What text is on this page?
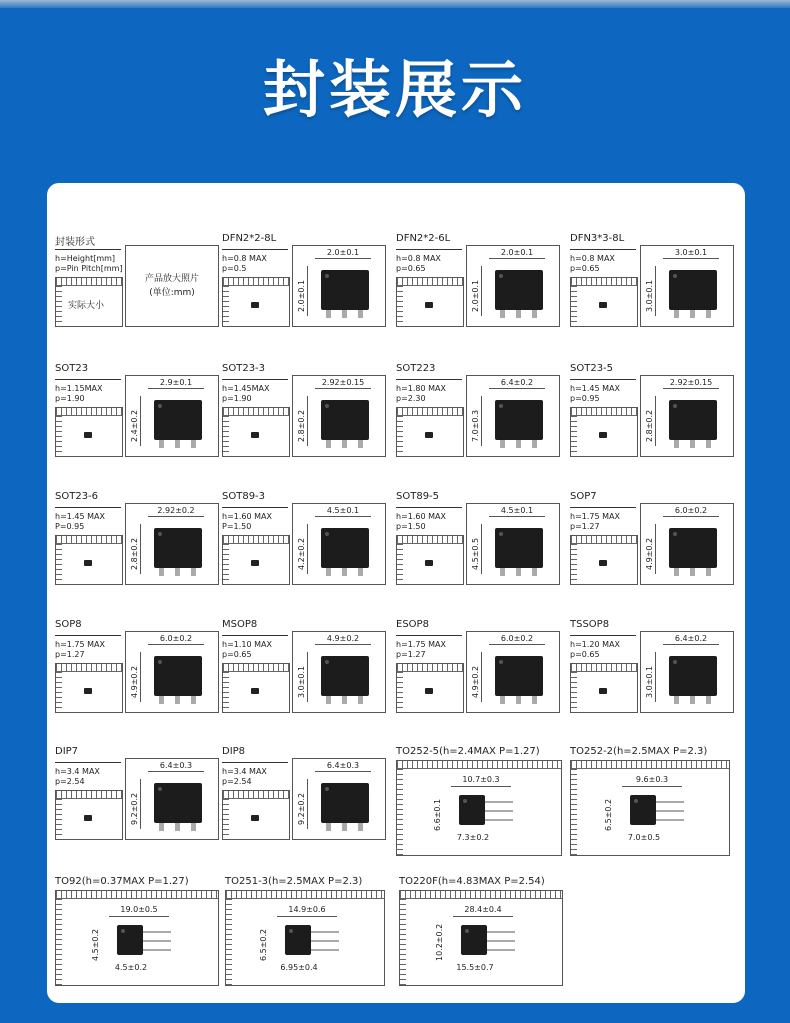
封装展示
封装形式
h=Height[mm]
p=Pin Pitch[mm]
实际大小
产品放大照片
(单位:mm)
DFN2*2-8L
h=0.8 MAX
p=0.5
2.0±0.1
2.0±0.1
DFN2*2-6L
h=0.8 MAX
p=0.65
2.0±0.1
2.0±0.1
DFN3*3-8L
h=0.8 MAX
p=0.65
3.0±0.1
3.0±0.1
SOT23
h=1.15MAX
p=1.90
2.9±0.1
2.4±0.2
SOT23-3
h=1.45MAX
p=1.90
2.92±0.15
2.8±0.2
SOT223
h=1.80 MAX
p=2.30
6.4±0.2
7.0±0.3
SOT23-5
h=1.45 MAX
p=0.95
2.92±0.15
2.8±0.2
SOT23-6
h=1.45 MAX
P=0.95
2.92±0.2
2.8±0.2
SOT89-3
h=1.60 MAX
P=1.50
4.5±0.1
4.2±0.2
SOT89-5
h=1.60 MAX
p=1.50
4.5±0.1
4.5±0.5
SOP7
h=1.75 MAX
p=1.27
6.0±0.2
4.9±0.2
SOP8
h=1.75 MAX
p=1.27
6.0±0.2
4.9±0.2
MSOP8
h=1.10 MAX
p=0.65
4.9±0.2
3.0±0.1
ESOP8
h=1.75 MAX
p=1.27
6.0±0.2
4.9±0.2
TSSOP8
h=1.20 MAX
p=0.65
6.4±0.2
3.0±0.1
DIP7
h=3.4 MAX
p=2.54
6.4±0.3
9.2±0.2
DIP8
h=3.4 MAX
p=2.54
6.4±0.3
9.2±0.2
TO252-5(h=2.4MAX P=1.27)
10.7±0.3
6.6±0.1
7.3±0.2
TO252-2(h=2.5MAX P=2.3)
9.6±0.3
6.5±0.2
7.0±0.5
TO92(h=0.37MAX P=1.27)
19.0±0.5
4.5±0.2
4.5±0.2
TO251-3(h=2.5MAX P=2.3)
14.9±0.6
6.5±0.2
6.95±0.4
TO220F(h=4.83MAX P=2.54)
28.4±0.4
10.2±0.2
15.5±0.7
